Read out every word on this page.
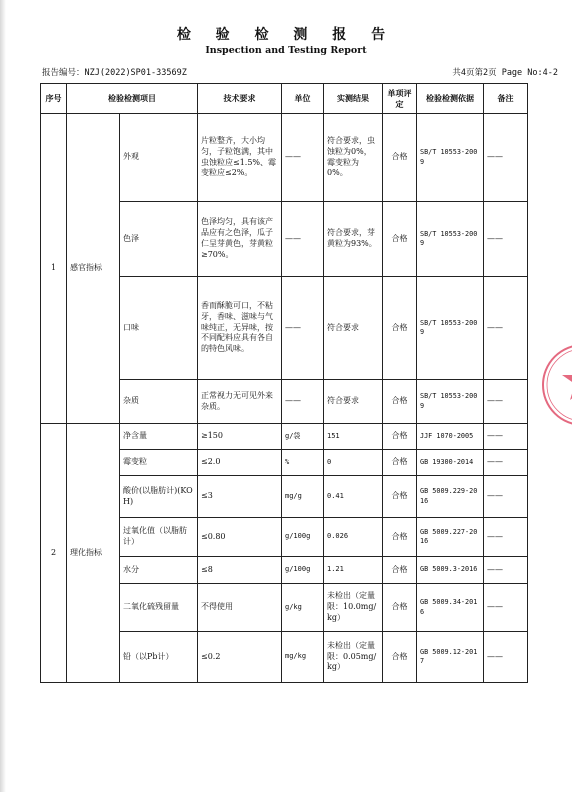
检 验 检 测 报 告
Inspection and Testing Report
报告编号：NZJ(2022)SP01-33569Z	共4页第2页 Page No:4-2
序号	检验检测项目		技术要求	单位	实测结果	单项评定	检验检测依据	备注
1	感官指标	外观	片粒整齐，大小均匀，子粒饱满，其中虫蚀粒应≤1.5%、霉变粒应≤2%。	——	符合要求，虫蚀粒为0%，霉变粒为0%。	合格	SB/T 10553-2009	——
		色泽	色泽均匀，具有该产品应有之色泽，瓜子仁呈芽黄色，芽黄粒≥70%。	——	符合要求，芽黄粒为93%。	合格	SB/T 10553-2009	——
		口味	香而酥脆可口，不粘牙，香味、滋味与气味纯正，无异味，按不同配料应具有各自的特色风味。	——	符合要求	合格	SB/T 10553-2009	——
		杂质	正常视力无可见外来杂质。	——	符合要求	合格	SB/T 10553-2009	——
2	理化指标	净含量	≥150	g/袋	151	合格	JJF 1070-2005	——
		霉变粒	≤2.0	%	0	合格	GB 19300-2014	——
		酸价(以脂肪计)(KOH)	≤3	mg/g	0.41	合格	GB 5009.229-2016	——
		过氧化值（以脂肪计）	≤0.80	g/100g	0.026	合格	GB 5009.227-2016	——
		水分	≤8	g/100g	1.21	合格	GB 5009.3-2016	——
		二氧化硫残留量	不得使用	g/kg	未检出（定量限：10.0mg/kg）	合格	GB 5009.34-2016	——
		铅（以Pb计）	≤0.2	mg/kg	未检出（定量限：0.05mg/kg）	合格	GB 5009.12-2017	——
